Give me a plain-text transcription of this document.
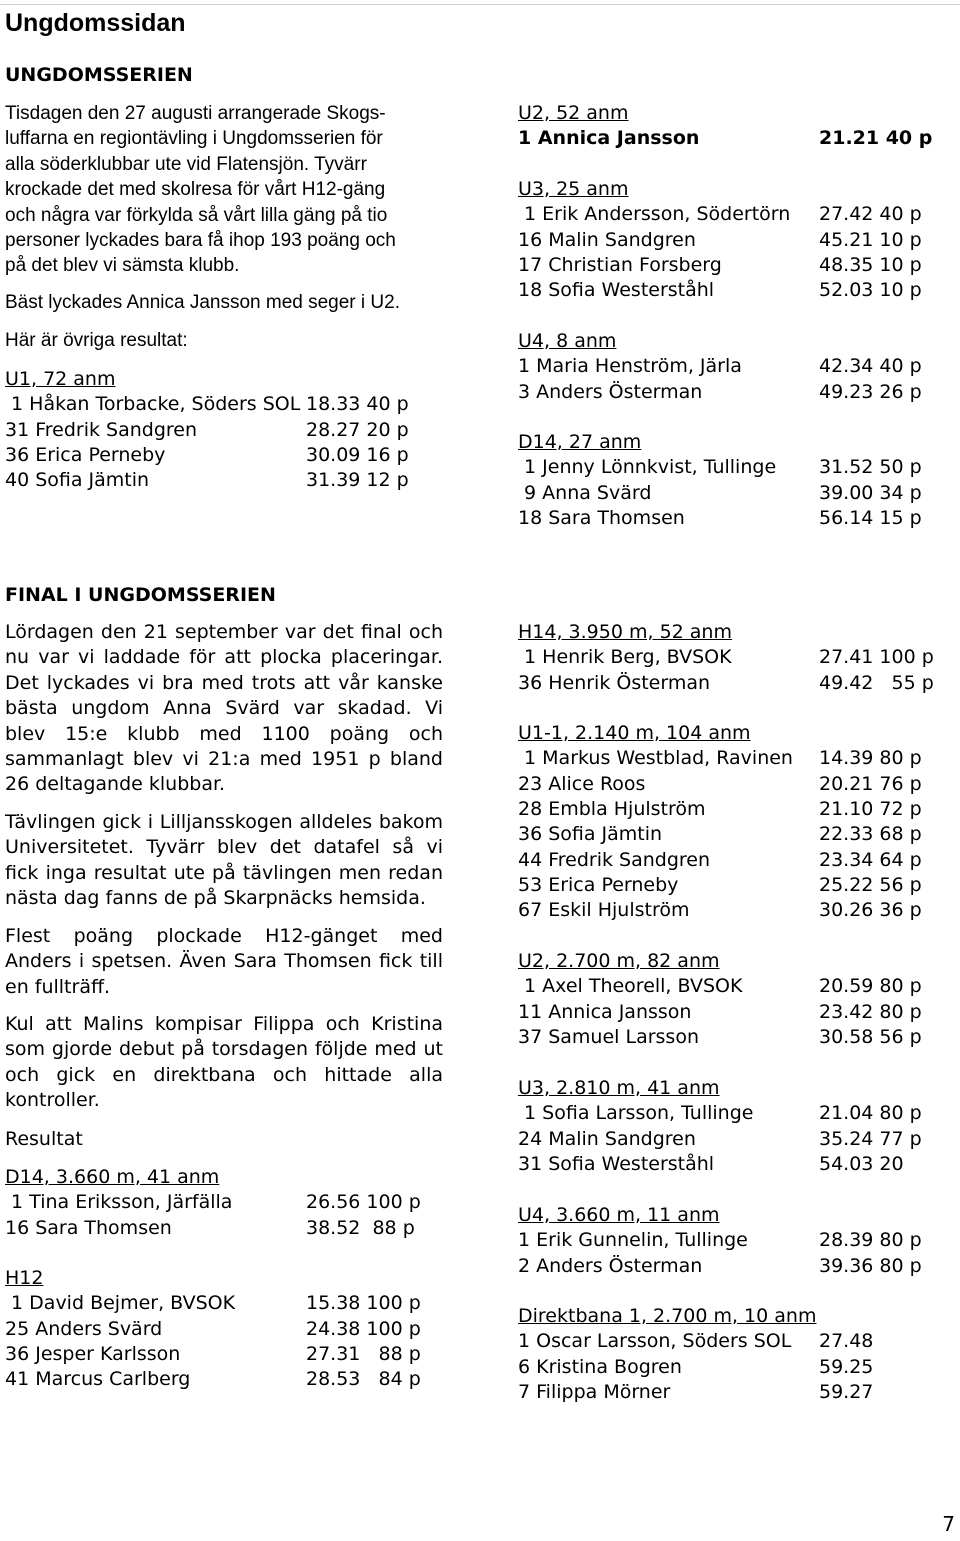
Ungdomssidan
UNGDOMSSERIEN
Tisdagen den 27 augusti arrangerade Skogs-
luffarna en regiontävling i Ungdomsserien för
alla söderklubbar ute vid Flatensjön. Tyvärr
krockade det med skolresa för vårt H12-gäng
och några var förkylda så vårt lilla gäng på tio
personer lyckades bara få ihop 193 poäng och
på det blev vi sämsta klubb.
Bäst lyckades Annica Jansson med seger i U2.
Här är övriga resultat:
U1, 72 anm
1 Håkan Torbacke, Söders SOL 18.33 40 p
31 Fredrik Sandgren	28.27 20 p
36 Erica Perneby	30.09 16 p
40 Sofia Jämtin	31.39 12 p
U2, 52 anm
1 Annica Jansson	21.21 40 p
U3, 25 anm
1 Erik Andersson, Södertörn 27.42 40 p
16 Malin Sandgren	45.21 10 p
17 Christian Forsberg	48.35 10 p
18 Sofia Westerståhl	52.03 10 p
U4, 8 anm
1 Maria Henström, Järla	42.34 40 p
3 Anders Österman	49.23 26 p
D14, 27 anm
1 Jenny Lönnkvist, Tullinge 31.52 50 p
9 Anna Svärd	39.00 34 p
18 Sara Thomsen	56.14 15 p
FINAL I UNGDOMSSERIEN

Lördagen den 21 september var det final och nu var vi laddade för att plocka placeringar. Det lyckades vi bra med trots att vår kanske bästa ungdom Anna Svärd var skadad. Vi blev 15:e klubb med 1100 poäng och sammanlagt blev vi 21:a med 1951 p bland 26 deltagande klubbar.

Tävlingen gick i Lilljansskogen alldeles bakom Universitetet. Tyvärr blev det datafel så vi fick inga resultat ute på tävlingen men redan nästa dag fanns de på Skarpnäcks hemsida.

Flest poäng plockade H12-gänget med Anders i spetsen. Även Sara Thomsen fick till en fullträff.

Kul att Malins kompisar Filippa och Kristina som gjorde debut på torsdagen följde med ut och gick en direktbana och hittade alla kontroller.

Resultat
D14, 3.660 m, 41 anm
1 Tina Eriksson, Järfälla	26.56 100 p
16 Sara Thomsen	38.52  88 p
H12
1 David Bejmer, BVSOK	15.38 100 p
25 Anders Svärd	24.38 100 p
36 Jesper Karlsson	27.31   88 p
41 Marcus Carlberg	28.53   84 p
H14, 3.950 m, 52 anm
1 Henrik Berg, BVSOK	27.41 100 p
36 Henrik Österman	49.42   55 p
U1-1, 2.140 m, 104 anm
1 Markus Westblad, Ravinen 14.39 80 p
23 Alice Roos	20.21 76 p
28 Embla Hjulström	21.10 72 p
36 Sofia Jämtin	22.33 68 p
44 Fredrik Sandgren	23.34 64 p
53 Erica Perneby	25.22 56 p
67 Eskil Hjulström	30.26 36 p
U2, 2.700 m, 82 anm
1 Axel Theorell, BVSOK	20.59 80 p
11 Annica Jansson	23.42 80 p
37 Samuel Larsson	30.58 56 p
U3, 2.810 m, 41 anm
1 Sofia Larsson, Tullinge	21.04 80 p
24 Malin Sandgren	35.24 77 p
31 Sofia Westerståhl	54.03 20
U4, 3.660 m, 11 anm
1 Erik Gunnelin, Tullinge	28.39 80 p
2 Anders Österman	39.36 80 p
Direktbana 1, 2.700 m, 10 anm
1 Oscar Larsson, Söders SOL 27.48
6 Kristina Bogren	59.25
7 Filippa Mörner	59.27
7
